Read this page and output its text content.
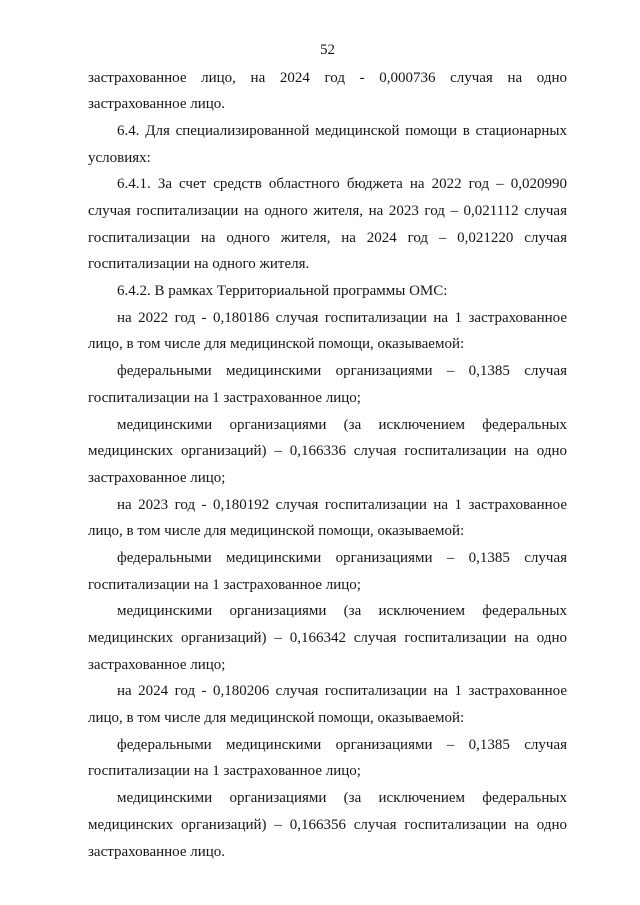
52
застрахованное лицо, на 2024 год - 0,000736 случая на одно
застрахованное лицо.
6.4. Для специализированной медицинской помощи в стационарных
условиях:
6.4.1. За счет средств областного бюджета на 2022 год – 0,020990
случая госпитализации на одного жителя, на 2023 год – 0,021112 случая
госпитализации на одного жителя, на 2024 год – 0,021220 случая
госпитализации на одного жителя.
6.4.2. В рамках Территориальной программы ОМС:
на 2022 год - 0,180186 случая госпитализации на 1 застрахованное
лицо, в том числе для медицинской помощи, оказываемой:
федеральными медицинскими организациями – 0,1385 случая
госпитализации на 1 застрахованное лицо;
медицинскими организациями (за исключением федеральных
медицинских организаций) – 0,166336 случая госпитализации на одно
застрахованное лицо;
на 2023 год - 0,180192 случая госпитализации на 1 застрахованное
лицо, в том числе для медицинской помощи, оказываемой:
федеральными медицинскими организациями – 0,1385 случая
госпитализации на 1 застрахованное лицо;
медицинскими организациями (за исключением федеральных
медицинских организаций) – 0,166342 случая госпитализации на одно
застрахованное лицо;
на 2024 год - 0,180206 случая госпитализации на 1 застрахованное
лицо, в том числе для медицинской помощи, оказываемой:
федеральными медицинскими организациями – 0,1385 случая
госпитализации на 1 застрахованное лицо;
медицинскими организациями (за исключением федеральных
медицинских организаций) – 0,166356 случая госпитализации на одно
застрахованное лицо.
